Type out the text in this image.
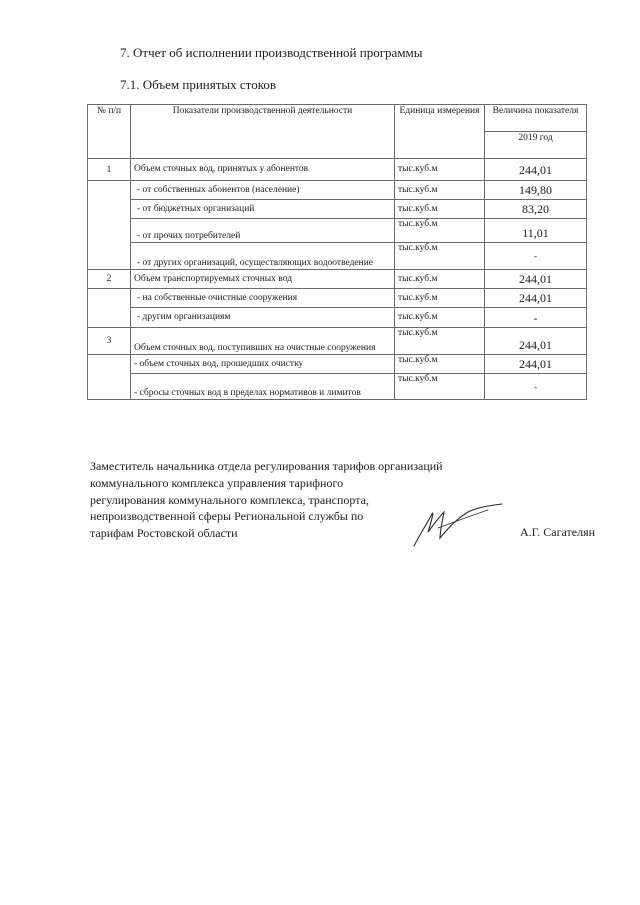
7. Отчет об исполнении производственной программы
7.1. Объем принятых стоков
№ п/п	Показатели производственной деятельности	Единица измерения	Величина показателя
			2019 год
1	Объем сточных вод, принятых у абонентов	тыс.куб.м	244,01
	- от собственных абонентов (население)	тыс.куб.м	149,80
	- от бюджетных организаций	тыс.куб.м	83,20
	- от прочих потребителей	тыс.куб.м	11,01
	- от других организаций, осуществляющих водоотведение	тыс.куб.м	-
2	Объем транспортируемых сточных вод	тыс.куб.м	244,01
	- на собственные очистные сооружения	тыс.куб.м	244,01
	- другим организациям	тыс.куб.м	-
3	Объем сточных вод, поступивших на очистные сооружения	тыс.куб.м	244,01
	- объем сточных вод, прошедших очистку	тыс.куб.м	244,01
	- сбросы сточных вод в пределах нормативов и лимитов	тыс.куб.м	-
Заместитель начальника отдела регулирования тарифов организаций
коммунального комплекса управления тарифного
регулирования коммунального комплекса, транспорта,
непроизводственной сферы Региональной службы по
тарифам Ростовской области	А.Г. Сагателян
